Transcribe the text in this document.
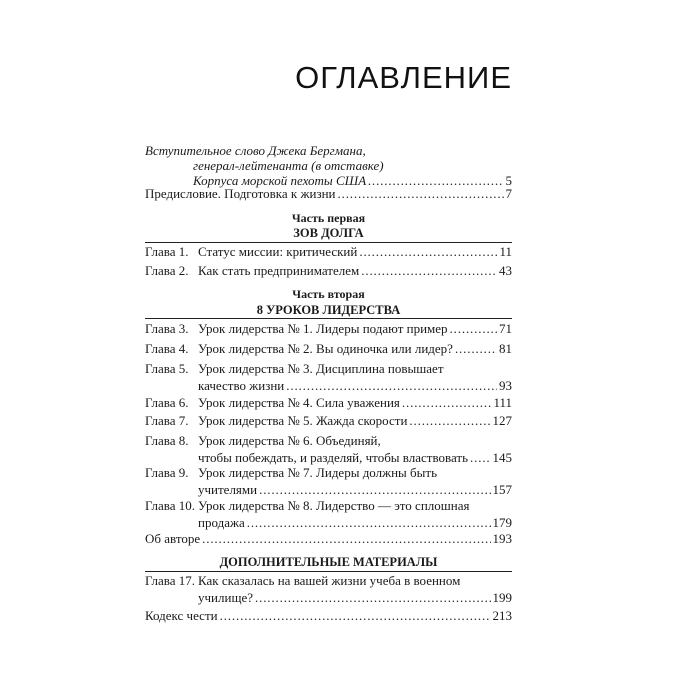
ОГЛАВЛЕНИЕ
Вступительное слово Джека Бергмана,
генерал-лейтенанта (в отставке)
Корпуса морской пехоты США . . .	5
Предисловие. Подготовка к жизни . . .	7
Часть первая
ЗОВ ДОЛГА
Глава 1. Статус миссии: критический . . .	11
Глава 2. Как стать предпринимателем . . .	43
Часть вторая
8 УРОКОВ ЛИДЕРСТВА
Глава 3. Урок лидерства № 1. Лидеры подают пример . . .	71
Глава 4. Урок лидерства № 2. Вы одиночка или лидер? . . .	81
Глава 5. Урок лидерства № 3. Дисциплина повышает
качество жизни . . .	93
Глава 6. Урок лидерства № 4. Сила уважения . . .	111
Глава 7. Урок лидерства № 5. Жажда скорости . . .	127
Глава 8. Урок лидерства № 6. Объединяй,
чтобы побеждать, и разделяй, чтобы властвовать . . . 145
Глава 9. Урок лидерства № 7. Лидеры должны быть
учителями . . .	157
Глава 10. Урок лидерства № 8. Лидерство — это сплошная
продажа . . .	179
Об авторе . . .	193
ДОПОЛНИТЕЛЬНЫЕ МАТЕРИАЛЫ
Глава 17. Как сказалась на вашей жизни учеба в военном
училище? . . .	199
Кодекс чести . . .	213
